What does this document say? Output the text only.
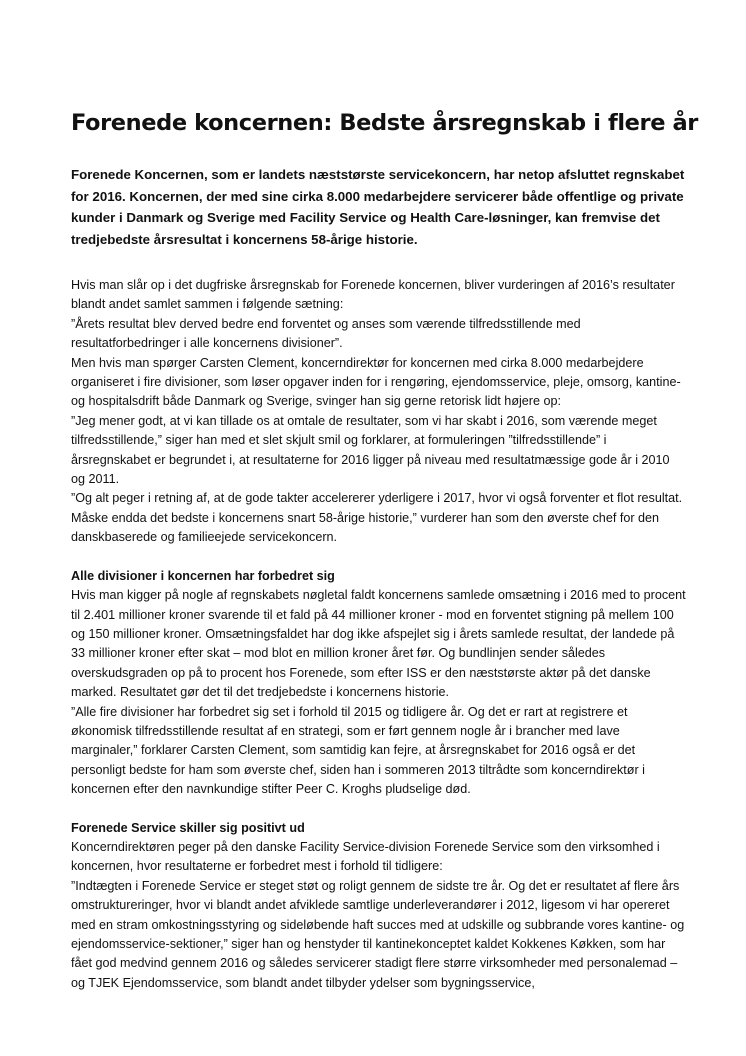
Forenede koncernen: Bedste årsregnskab i flere år

Forenede Koncernen, som er landets næststørste servicekoncern, har netop afsluttet regnskabet for 2016. Koncernen, der med sine cirka 8.000 medarbejdere servicerer både offentlige og private kunder i Danmark og Sverige med Facility Service og Health Care-løsninger, kan fremvise det tredjebedste årsresultat i koncernens 58-årige historie.

Hvis man slår op i det dugfriske årsregnskab for Forenede koncernen, bliver vurderingen af 2016’s resultater blandt andet samlet sammen i følgende sætning:

”Årets resultat blev derved bedre end forventet og anses som værende tilfredsstillende med resultatforbedringer i alle koncernens divisioner”.

Men hvis man spørger Carsten Clement, koncerndirektør for koncernen med cirka 8.000 medarbejdere organiseret i fire divisioner, som løser opgaver inden for i rengøring, ejendomsservice, pleje, omsorg, kantine- og hospitalsdrift både Danmark og Sverige, svinger han sig gerne retorisk lidt højere op:

”Jeg mener godt, at vi kan tillade os at omtale de resultater, som vi har skabt i 2016, som værende meget tilfredsstillende,” siger han med et slet skjult smil og forklarer, at formuleringen ”tilfredsstillende” i årsregnskabet er begrundet i, at resultaterne for 2016 ligger på niveau med resultatmæssige gode år i 2010 og 2011.

”Og alt peger i retning af, at de gode takter accelererer yderligere i 2017, hvor vi også forventer et flot resultat. Måske endda det bedste i koncernens snart 58-årige historie,” vurderer han som den øverste chef for den danskbaserede og familieejede servicekoncern.

Alle divisioner i koncernen har forbedret sig

Hvis man kigger på nogle af regnskabets nøgletal faldt koncernens samlede omsætning i 2016 med to procent til 2.401 millioner kroner svarende til et fald på 44 millioner kroner - mod en forventet stigning på mellem 100 og 150 millioner kroner. Omsætningsfaldet har dog ikke afspejlet sig i årets samlede resultat, der landede på 33 millioner kroner efter skat – mod blot en million kroner året før. Og bundlinjen sender således overskudsgraden op på to procent hos Forenede, som efter ISS er den næststørste aktør på det danske marked. Resultatet gør det til det tredjebedste i koncernens historie.

”Alle fire divisioner har forbedret sig set i forhold til 2015 og tidligere år. Og det er rart at registrere et økonomisk tilfredsstillende resultat af en strategi, som er ført gennem nogle år i brancher med lave marginaler,” forklarer Carsten Clement, som samtidig kan fejre, at årsregnskabet for 2016 også er det personligt bedste for ham som øverste chef, siden han i sommeren 2013 tiltrådte som koncerndirektør i koncernen efter den navnkundige stifter Peer C. Kroghs pludselige død.

Forenede Service skiller sig positivt ud

Koncerndirektøren peger på den danske Facility Service-division Forenede Service som den virksomhed i koncernen, hvor resultaterne er forbedret mest i forhold til tidligere:

”Indtægten i Forenede Service er steget støt og roligt gennem de sidste tre år. Og det er resultatet af flere års omstruktureringer, hvor vi blandt andet afviklede samtlige underleverandører i 2012, ligesom vi har opereret med en stram omkostningsstyring og sideløbende haft succes med at udskille og subbrande vores kantine- og ejendomsservice-sektioner,” siger han og henstyder til kantinekonceptet kaldet Kokkenes Køkken, som har fået god medvind gennem 2016 og således servicerer stadigt flere større virksomheder med personalemad – og TJEK Ejendomsservice, som blandt andet tilbyder ydelser som bygningsservice,
